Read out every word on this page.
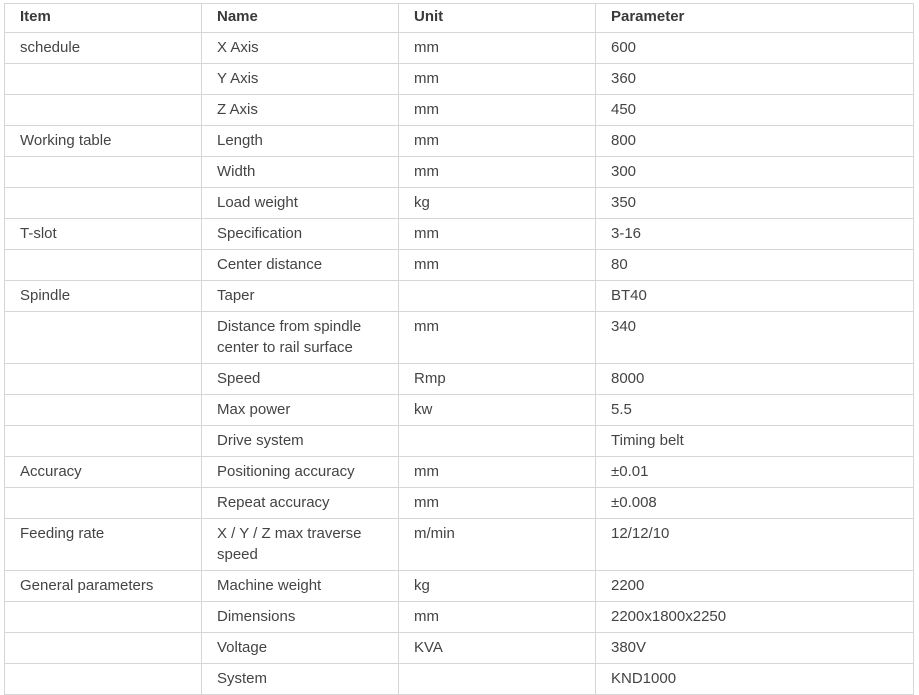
Item	Name	Unit	Parameter
schedule	X Axis	mm	600
	Y Axis	mm	360
	Z Axis	mm	450
Working table	Length	mm	800
	Width	mm	300
	Load weight	kg	350
T-slot	Specification	mm	3-16
	Center distance	mm	80
Spindle	Taper		BT40
	Distance from spindle center to rail surface	mm	340
	Speed	Rmp	8000
	Max power	kw	5.5
	Drive system		Timing belt
Accuracy	Positioning accuracy	mm	±0.01
	Repeat accuracy	mm	±0.008
Feeding rate	X / Y / Z max traverse speed	m/min	12/12/10
General parameters	Machine weight	kg	2200
	Dimensions	mm	2200x1800x2250
	Voltage	KVA	380V
	System		KND1000
